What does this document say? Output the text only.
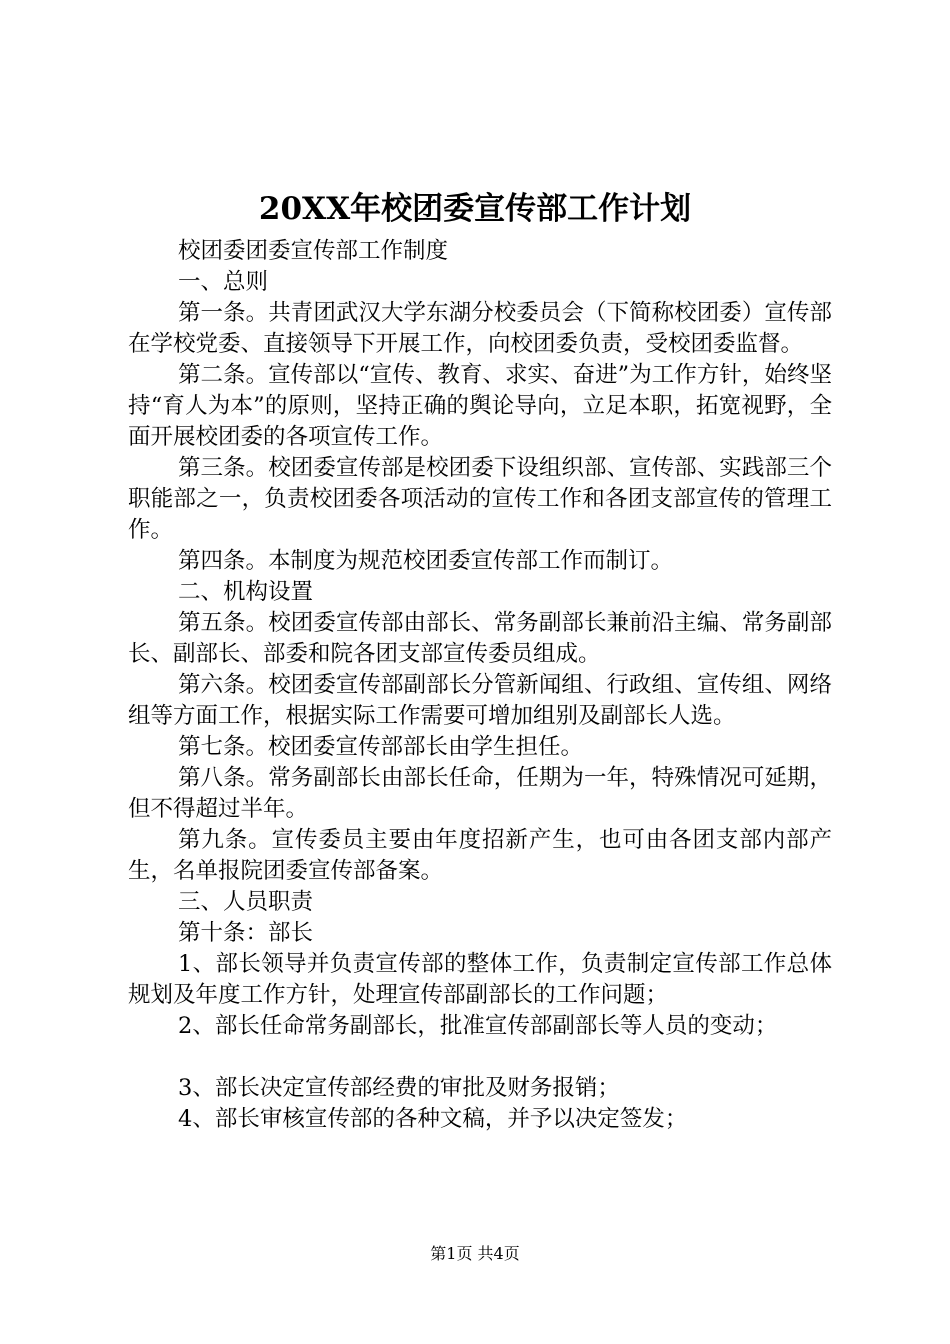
20XX年校团委宣传部工作计划

校团委团委宣传部工作制度

一、总则

第一条。共青团武汉大学东湖分校委员会（下简称校团委）宣传部在学校党委、直接领导下开展工作，向校团委负责，受校团委监督。

第二条。宣传部以“宣传、教育、求实、奋进”为工作方针，始终坚持“育人为本”的原则，坚持正确的舆论导向，立足本职，拓宽视野，全面开展校团委的各项宣传工作。

第三条。校团委宣传部是校团委下设组织部、宣传部、实践部三个职能部之一，负责校团委各项活动的宣传工作和各团支部宣传的管理工作。

第四条。本制度为规范校团委宣传部工作而制订。

二、机构设置

第五条。校团委宣传部由部长、常务副部长兼前沿主编、常务副部长、副部长、部委和院各团支部宣传委员组成。

第六条。校团委宣传部副部长分管新闻组、行政组、宣传组、网络组等方面工作，根据实际工作需要可增加组别及副部长人选。

第七条。校团委宣传部部长由学生担任。

第八条。常务副部长由部长任命，任期为一年，特殊情况可延期，但不得超过半年。

第九条。宣传委员主要由年度招新产生，也可由各团支部内部产生，名单报院团委宣传部备案。

三、人员职责

第十条：部长

1、部长领导并负责宣传部的整体工作，负责制定宣传部工作总体规划及年度工作方针，处理宣传部副部长的工作问题；

2、部长任命常务副部长，批准宣传部副部长等人员的变动；

3、部长决定宣传部经费的审批及财务报销；

4、部长审核宣传部的各种文稿，并予以决定签发；

第1页 共4页
